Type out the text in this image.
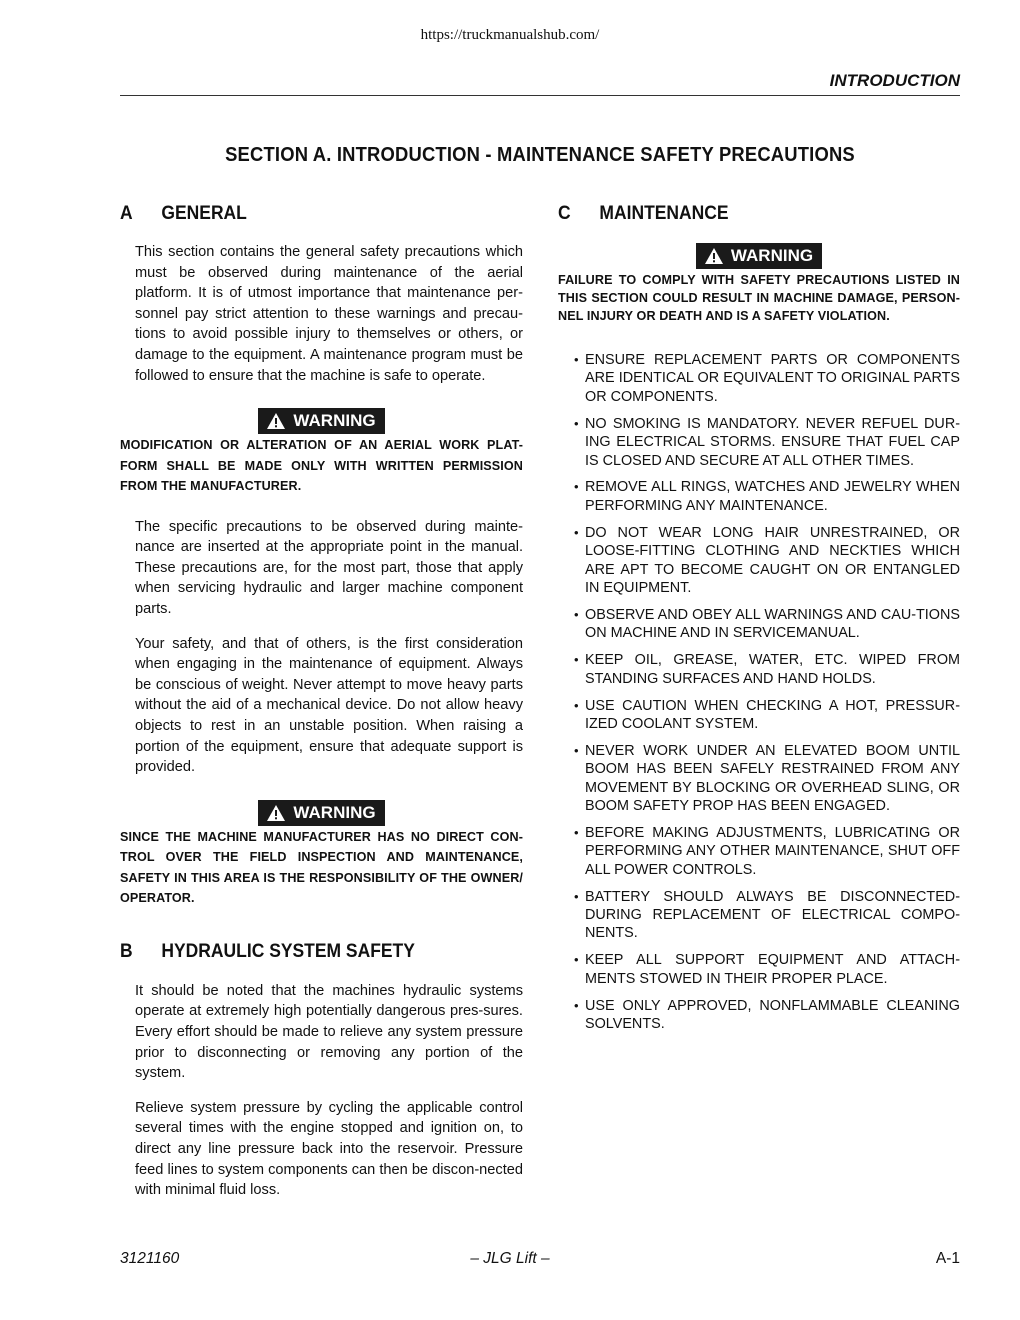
https://truckmanualshub.com/
INTRODUCTION
SECTION A. INTRODUCTION - MAINTENANCE SAFETY PRECAUTIONS
A	GENERAL

This section contains the general safety precautions which must be observed during maintenance of the aerial platform. It is of utmost importance that maintenance per-sonnel pay strict attention to these warnings and precau-tions to avoid possible injury to themselves or others, or damage to the equipment. A maintenance program must be followed to ensure that the machine is safe to operate.

WARNING

MODIFICATION OR ALTERATION OF AN AERIAL WORK PLAT-FORM SHALL BE MADE ONLY WITH WRITTEN PERMISSION FROM THE MANUFACTURER.

The specific precautions to be observed during mainte-nance are inserted at the appropriate point in the manual. These precautions are, for the most part, those that apply when servicing hydraulic and larger machine component parts.

Your safety, and that of others, is the first consideration when engaging in the maintenance of equipment. Always be conscious of weight. Never attempt to move heavy parts without the aid of a mechanical device. Do not allow heavy objects to rest in an unstable position. When raising a portion of the equipment, ensure that adequate support is provided.

WARNING

SINCE THE MACHINE MANUFACTURER HAS NO DIRECT CON-TROL OVER THE FIELD INSPECTION AND MAINTENANCE, SAFETY IN THIS AREA IS THE RESPONSIBILITY OF THE OWNER/ OPERATOR.

B	HYDRAULIC SYSTEM SAFETY

It should be noted that the machines hydraulic systems operate at extremely high potentially dangerous pres-sures. Every effort should be made to relieve any system pressure prior to disconnecting or removing any portion of the system.

Relieve system pressure by cycling the applicable control several times with the engine stopped and ignition on, to direct any line pressure back into the reservoir. Pressure feed lines to system components can then be discon-nected with minimal fluid loss.

C	MAINTENANCE
WARNING

FAILURE TO COMPLY WITH SAFETY PRECAUTIONS LISTED IN THIS SECTION COULD RESULT IN MACHINE DAMAGE, PERSON-NEL INJURY OR DEATH AND IS A SAFETY VIOLATION.

• ENSURE REPLACEMENT PARTS OR COMPONENTS ARE IDENTICAL OR EQUIVALENT TO ORIGINAL PARTS OR COMPONENTS.
• NO SMOKING IS MANDATORY. NEVER REFUEL DUR-ING ELECTRICAL STORMS. ENSURE THAT FUEL CAP IS CLOSED AND SECURE AT ALL OTHER TIMES.
• REMOVE ALL RINGS, WATCHES AND JEWELRY WHEN PERFORMING ANY MAINTENANCE.
• DO NOT WEAR LONG HAIR UNRESTRAINED, OR LOOSE-FITTING CLOTHING AND NECKTIES WHICH ARE APT TO BECOME CAUGHT ON OR ENTANGLED IN EQUIPMENT.
• OBSERVE AND OBEY ALL WARNINGS AND CAU-TIONS ON MACHINE AND IN SERVICEMANUAL.
• KEEP OIL, GREASE, WATER, ETC. WIPED FROM STANDING SURFACES AND HAND HOLDS.
• USE CAUTION WHEN CHECKING A HOT, PRESSUR-IZED COOLANT SYSTEM.
• NEVER WORK UNDER AN ELEVATED BOOM UNTIL BOOM HAS BEEN SAFELY RESTRAINED FROM ANY MOVEMENT BY BLOCKING OR OVERHEAD SLING, OR BOOM SAFETY PROP HAS BEEN ENGAGED.
• BEFORE MAKING ADJUSTMENTS, LUBRICATING OR PERFORMING ANY OTHER MAINTENANCE, SHUT OFF ALL POWER CONTROLS.
• BATTERY SHOULD ALWAYS BE DISCONNECTED-DURING REPLACEMENT OF ELECTRICAL COMPO-NENTS.
• KEEP ALL SUPPORT EQUIPMENT AND ATTACH-MENTS STOWED IN THEIR PROPER PLACE.
• USE ONLY APPROVED, NONFLAMMABLE CLEANING SOLVENTS.
3121160	– JLG Lift –	A-1
